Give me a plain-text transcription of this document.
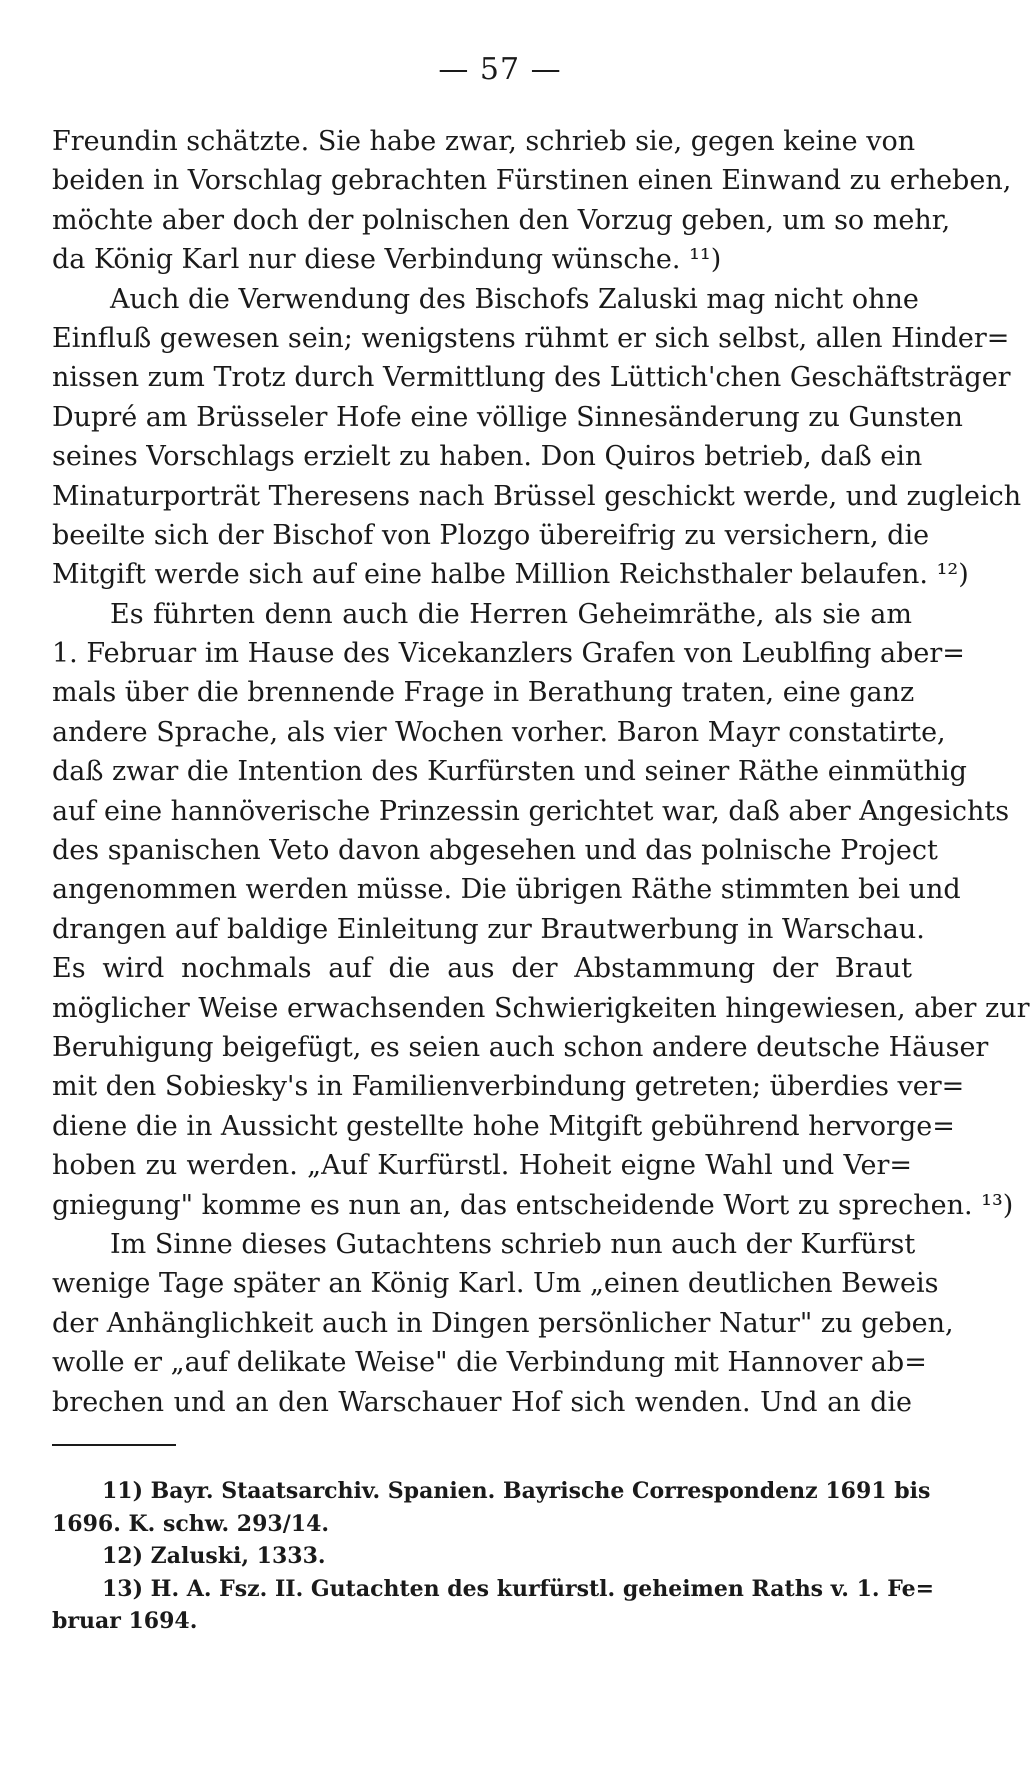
— 57 —
Freundin schätzte. Sie habe zwar, schrieb sie, gegen keine von
beiden in Vorschlag gebrachten Fürstinen einen Einwand zu erheben,
möchte aber doch der polnischen den Vorzug geben, um so mehr,
da König Karl nur diese Verbindung wünsche. ¹¹)
Auch die Verwendung des Bischofs Zaluski mag nicht ohne
Einfluß gewesen sein; wenigstens rühmt er sich selbst, allen Hinder=
nissen zum Trotz durch Vermittlung des Lüttich'chen Geschäftsträger
Dupré am Brüsseler Hofe eine völlige Sinnesänderung zu Gunsten
seines Vorschlags erzielt zu haben. Don Quiros betrieb, daß ein
Minaturporträt Theresens nach Brüssel geschickt werde, und zugleich
beeilte sich der Bischof von Plozgo übereifrig zu versichern, die
Mitgift werde sich auf eine halbe Million Reichsthaler belaufen. ¹²)
Es führten denn auch die Herren Geheimräthe, als sie am
1. Februar im Hause des Vicekanzlers Grafen von Leublfing aber=
mals über die brennende Frage in Berathung traten, eine ganz
andere Sprache, als vier Wochen vorher. Baron Mayr constatirte,
daß zwar die Intention des Kurfürsten und seiner Räthe einmüthig
auf eine hannöverische Prinzessin gerichtet war, daß aber Angesichts
des spanischen Veto davon abgesehen und das polnische Project
angenommen werden müsse. Die übrigen Räthe stimmten bei und
drangen auf baldige Einleitung zur Brautwerbung in Warschau.
Es wird nochmals auf die aus der Abstammung der Braut
möglicher Weise erwachsenden Schwierigkeiten hingewiesen, aber zur
Beruhigung beigefügt, es seien auch schon andere deutsche Häuser
mit den Sobiesky's in Familienverbindung getreten; überdies ver=
diene die in Aussicht gestellte hohe Mitgift gebührend hervorge=
hoben zu werden. „Auf Kurfürstl. Hoheit eigne Wahl und Ver=
gniegung" komme es nun an, das entscheidende Wort zu sprechen. ¹³)
Im Sinne dieses Gutachtens schrieb nun auch der Kurfürst
wenige Tage später an König Karl. Um „einen deutlichen Beweis
der Anhänglichkeit auch in Dingen persönlicher Natur" zu geben,
wolle er „auf delikate Weise" die Verbindung mit Hannover ab=
brechen und an den Warschauer Hof sich wenden. Und an die
11) Bayr. Staatsarchiv. Spanien. Bayrische Correspondenz 1691 bis
1696. K. schw. 293/14.
12) Zaluski, 1333.
13) H. A. Fsz. II. Gutachten des kurfürstl. geheimen Raths v. 1. Fe=
bruar 1694.
